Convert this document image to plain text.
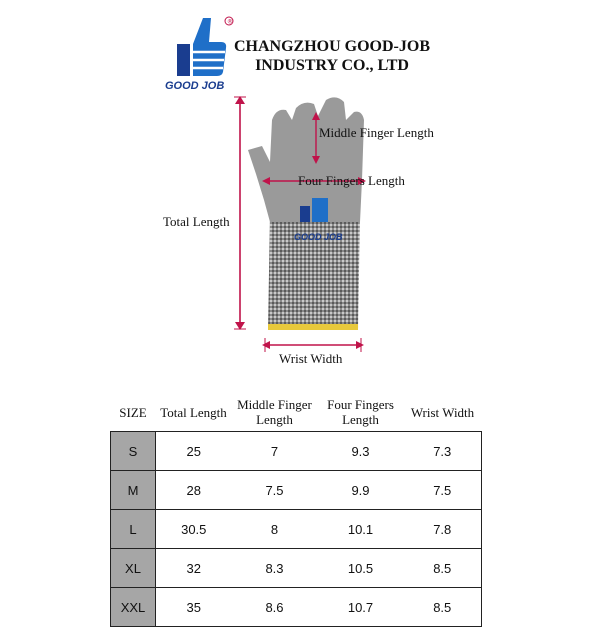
®
GOOD JOB
CHANGZHOU GOOD-JOB
INDUSTRY CO., LTD
GOOD JOB
Middle Finger Length
Four Fingers Length
Total Length
Wrist Width
SIZE	Total Length	Middle Finger Length	Four Fingers Length	Wrist Width
S	25	7	9.3	7.3
M	28	7.5	9.9	7.5
L	30.5	8	10.1	7.8
XL	32	8.3	10.5	8.5
XXL	35	8.6	10.7	8.5
